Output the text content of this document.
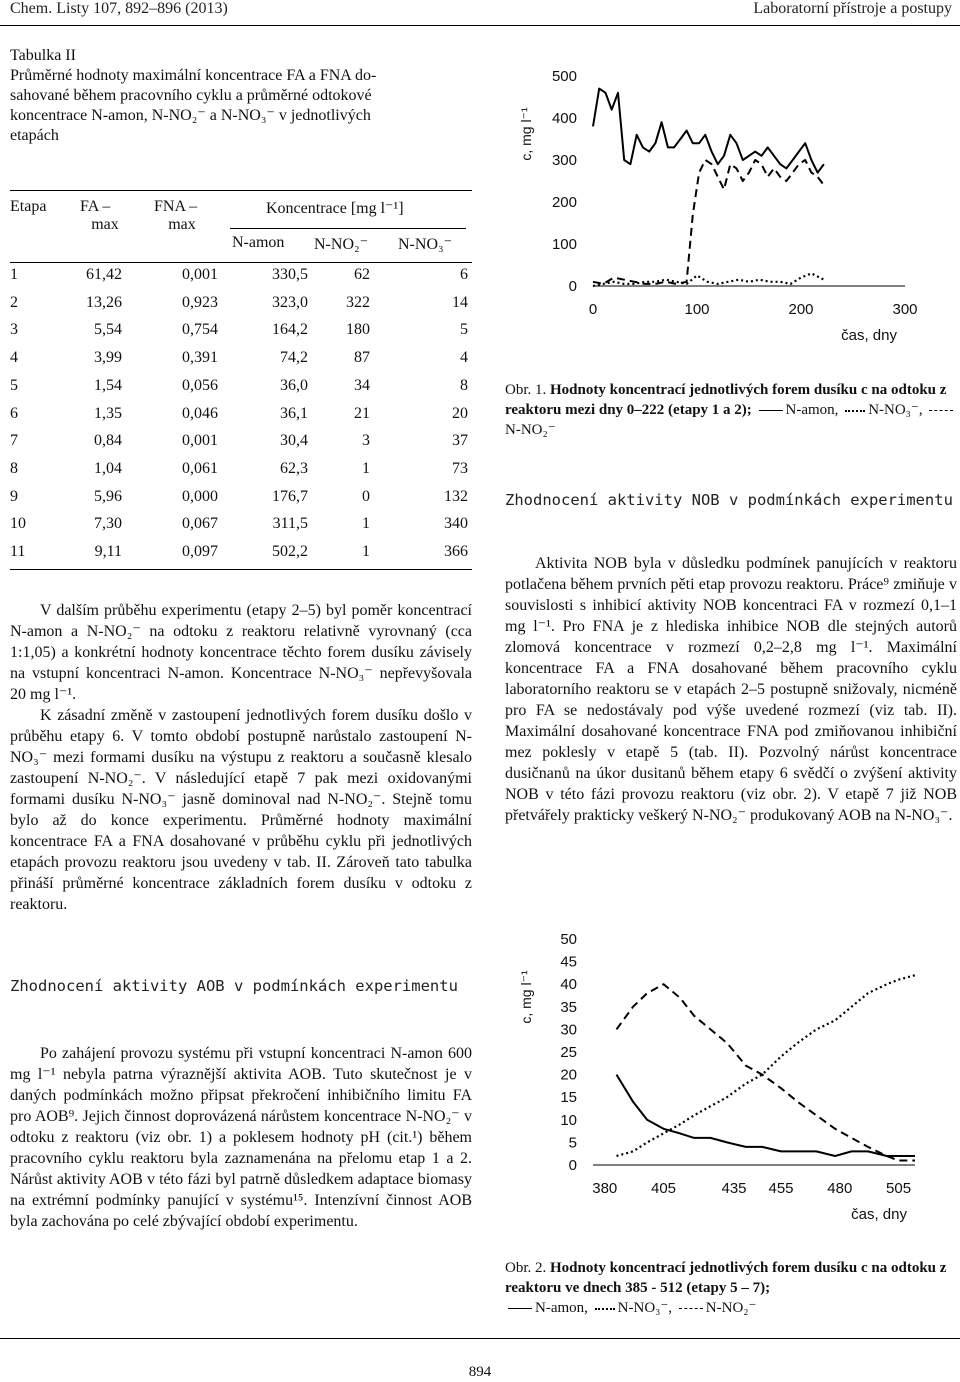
Chem. Listy 107, 892–896 (2013)	Laboratorní přístroje a postupy
Tabulka II
Průměrné hodnoty maximální koncentrace FA a FNA do-
sahované během pracovního cyklu a průměrné odtokové
koncentrace N-amon, N-NO₂⁻ a N-NO₃⁻ v jednotlivých
etapách
Etapa FA –
max
FNA –
max
Koncentrace [mg l⁻¹]
N-amon N-NO₂⁻ N-NO₃⁻
1	61,42	0,001	330,5	62	6
2	13,26	0,923	323,0	322	14
3	5,54	0,754	164,2	180	5
4	3,99	0,391	74,2	87	4
5	1,54	0,056	36,0	34	8
6	1,35	0,046	36,1	21	20
7	0,84	0,001	30,4	3	37
8	1,04	0,061	62,3	1	73
9	5,96	0,000	176,7	0	132
10	7,30	0,067	311,5	1	340
11	9,11	0,097	502,2	1	366

V dalším průběhu experimentu (etapy 2–5) byl poměr koncentrací N-amon a N-NO₂⁻ na odtoku z reaktoru relativně vyrovnaný (cca 1:1,05) a konkrétní hodnoty koncentrace těchto forem dusíku závisely na vstupní koncentraci N-amon. Koncentrace N-NO₃⁻ nepřevyšovala 20 mg l⁻¹.

K zásadní změně v zastoupení jednotlivých forem dusíku došlo v průběhu etapy 6. V tomto období postupně narůstalo zastoupení N-NO₃⁻ mezi formami dusíku na výstupu z reaktoru a současně klesalo zastoupení N-NO₂⁻. V následující etapě 7 pak mezi oxidovanými formami dusíku N-NO₃⁻ jasně dominoval nad N-NO₂⁻. Stejně tomu bylo až do konce experimentu. Průměrné hodnoty maximální koncentrace FA a FNA dosahované v průběhu cyklu při jednotlivých etapách provozu reaktoru jsou uvedeny v tab. II. Zároveň tato tabulka přináší průměrné koncentrace základních forem dusíku v odtoku z reaktoru.

Zhodnocení aktivity AOB v podmínkách experimentu

Po zahájení provozu systému při vstupní koncentraci N-amon 600 mg l⁻¹ nebyla patrna výraznější aktivita AOB. Tuto skutečnost je v daných podmínkách možno připsat překročení inhibičního limitu FA pro AOB⁹. Jejich činnost doprovázená nárůstem koncentrace N-NO₂⁻ v odtoku z reaktoru (viz obr. 1) a poklesem hodnoty pH (cit.¹) během pracovního cyklu reaktoru byla zaznamenána na přelomu etap 1 a 2. Nárůst aktivity AOB v této fázi byl patrně důsledkem adaptace biomasy na extrémní podmínky panující v systému¹⁵. Intenzívní činnost AOB byla zachována po celé zbývající období experimentu.

0
100
200
300
400
500
0	100	200	300
c, mg l⁻¹
čas, dny
Obr. 1. Hodnoty koncentrací jednotlivých forem dusíku c na odtoku z reaktoru mezi dny 0–222 (etapy 1 a 2); N-amon, N-NO₃⁻, N-NO₂⁻
Zhodnocení aktivity NOB v podmínkách experimentu

Aktivita NOB byla v důsledku podmínek panujících v reaktoru potlačena během prvních pěti etap provozu reaktoru. Práce⁹ zmiňuje v souvislosti s inhibicí aktivity NOB koncentraci FA v rozmezí 0,1–1 mg l⁻¹. Pro FNA je z hlediska inhibice NOB dle stejných autorů zlomová koncentrace v rozmezí 0,2–2,8 mg l⁻¹. Maximální koncentrace FA a FNA dosahované během pracovního cyklu laboratorního reaktoru se v etapách 2–5 postupně snižovaly, nicméně pro FA se nedostávaly pod výše uvedené rozmezí (viz tab. II). Maximální dosahované koncentrace FNA pod zmiňovanou inhibiční mez poklesly v etapě 5 (tab. II). Pozvolný nárůst koncentrace dusičnanů na úkor dusitanů během etapy 6 svědčí o zvýšení aktivity NOB v této fázi provozu reaktoru (viz obr. 2). V etapě 7 již NOB přetvářely prakticky veškerý N-NO₂⁻ produkovaný AOB na N-NO₃⁻.

0
5
10
15
20
25
30
35
40
45
50
380 405	435 455 480 505
c, mg l⁻¹
čas, dny
Obr. 2. Hodnoty koncentrací jednotlivých forem dusíku c na odtoku z reaktoru ve dnech 385 - 512 (etapy 5 – 7);
N-amon, N-NO₃⁻, N-NO₂⁻
894
